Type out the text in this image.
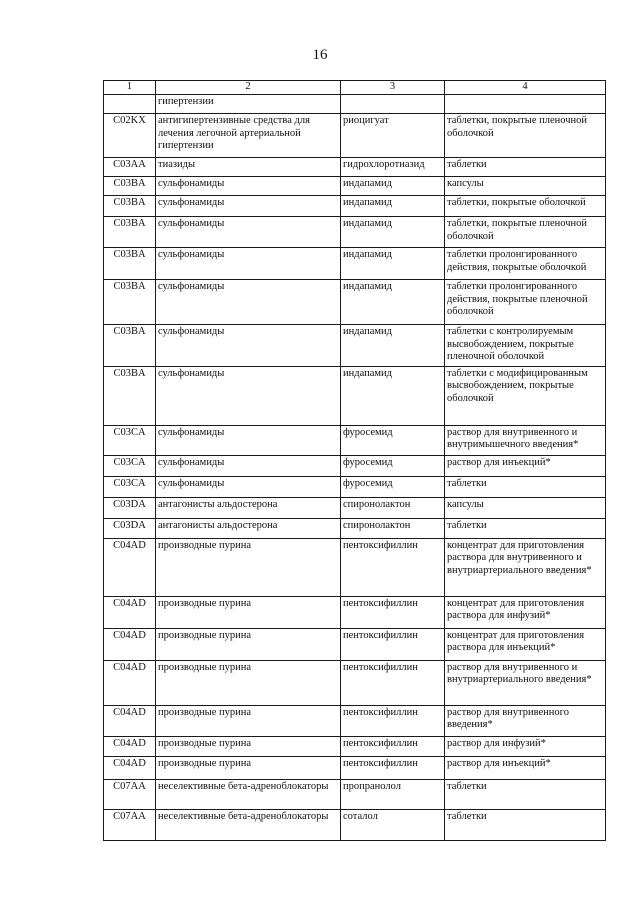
16
1	2	3	4
	гипертензии		
C02KX	антигипертензивные средства для лечения легочной артериальной гипертензии	риоцигуат	таблетки, покрытые пленочной оболочкой
C03AA	тиазиды	гидрохлоротиазид	таблетки
C03BA	сульфонамиды	индапамид	капсулы
C03BA	сульфонамиды	индапамид	таблетки, покрытые оболочкой
C03BA	сульфонамиды	индапамид	таблетки, покрытые пленочной оболочкой
C03BA	сульфонамиды	индапамид	таблетки пролонгированного действия, покрытые оболочкой
C03BA	сульфонамиды	индапамид	таблетки пролонгированного действия, покрытые пленочной оболочкой
C03BA	сульфонамиды	индапамид	таблетки с контролируемым высвобождением, покрытые пленочной оболочкой
C03BA	сульфонамиды	индапамид	таблетки с модифицированным высвобождением, покрытые оболочкой
C03CA	сульфонамиды	фуросемид	раствор для внутривенного и внутримышечного введения*
C03CA	сульфонамиды	фуросемид	раствор для инъекций*
C03CA	сульфонамиды	фуросемид	таблетки
C03DA	антагонисты альдостерона	спиронолактон	капсулы
C03DA	антагонисты альдостерона	спиронолактон	таблетки
C04AD	производные пурина	пентоксифиллин	концентрат для приготовления раствора для внутривенного и внутриартериального введения*
C04AD	производные пурина	пентоксифиллин	концентрат для приготовления раствора для инфузий*
C04AD	производные пурина	пентоксифиллин	концентрат для приготовления раствора для инъекций*
C04AD	производные пурина	пентоксифиллин	раствор для внутривенного и внутриартериального введения*
C04AD	производные пурина	пентоксифиллин	раствор для внутривенного введения*
C04AD	производные пурина	пентоксифиллин	раствор для инфузий*
C04AD	производные пурина	пентоксифиллин	раствор для инъекций*
C07AA	неселективные бета-адреноблокаторы	пропранолол	таблетки
C07AA	неселективные бета-адреноблокаторы	соталол	таблетки
